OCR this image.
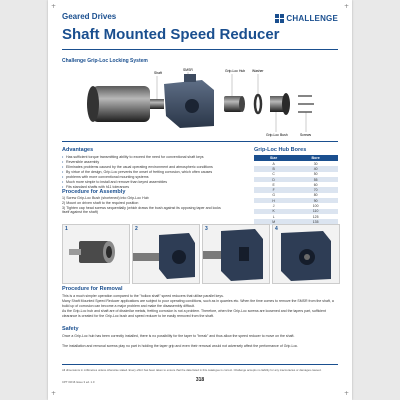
+	+
+	+
Geared Drives	CHALLENGE
Shaft Mounted Speed Reducer
Challenge Grip-Loc Locking System
Shaft
SMSR	Grip-Loc Hub Washer
Grip-Loc Bush	Screws
Advantages
• Has sufficient torque transmitting ability to exceed the need for conventional shaft keys
• Reversible assembly
• Eliminates problems caused by the usual operating environment and atmospheric conditions
• By virtue of the design, Grip-Loc prevents the onset of fretting corrosion, which often causes
• problems with more conventional mounting systems
• Much more simple to install and remove than keyed assemblies
• Fits standard shafts with h11 tolerances
Grip-Loc Hub Bores
Size	Bore
A	30
B	40
C	50
D	55
E	60
F	70
G	80
H	90
J	100
K	110
L	125
M	135
Procedure for Assembly
1) Screw Grip-Loc Bush (shortened) into Grip-Loc Hub
2) Mount on driven shaft to the required position
3) Tighten cap head screws sequentially (which draws the bush against its opposing taper and locks
itself against the shaft)
1	2	3	4
Procedure for Removal

This is a much simpler operation compared to the "hollow shaft" speed reducers that utilise parallel keys.

Many Shaft Mounted Speed Reducer applications are subject to poor operating conditions, such as in quarries etc. When the time comes to remove the SMSR from the shaft, a build up of corrosion can become a major problem and make the disassembly difficult.

As the Grip-Loc hub and shaft are of dissimilar metals, fretting corrosion is not a problem. Therefore, when the Grip-Loc screws are loosened and the tapers part, sufficient clearance is created for the Grip-Loc bush and speed reducer to be easily removed from the shaft.

Safety

Once a Grip-Loc hub has been correctly installed, there is no possibility for the taper to "break" and thus allow the speed reducer to move on the shaft.

The installation and removal screws play no part in holding the taper grip and even their removal would not adversely affect the performance of Grip-Loc.

All dimensions in millimetres unless otherwise stated. Every effort has been taken to ensure that the data listed in this catalogue is correct. Challenge accepts no liability for any inaccuracies or damages caused.
CPT 03/16 Issue 3 ed. 1.0	318
